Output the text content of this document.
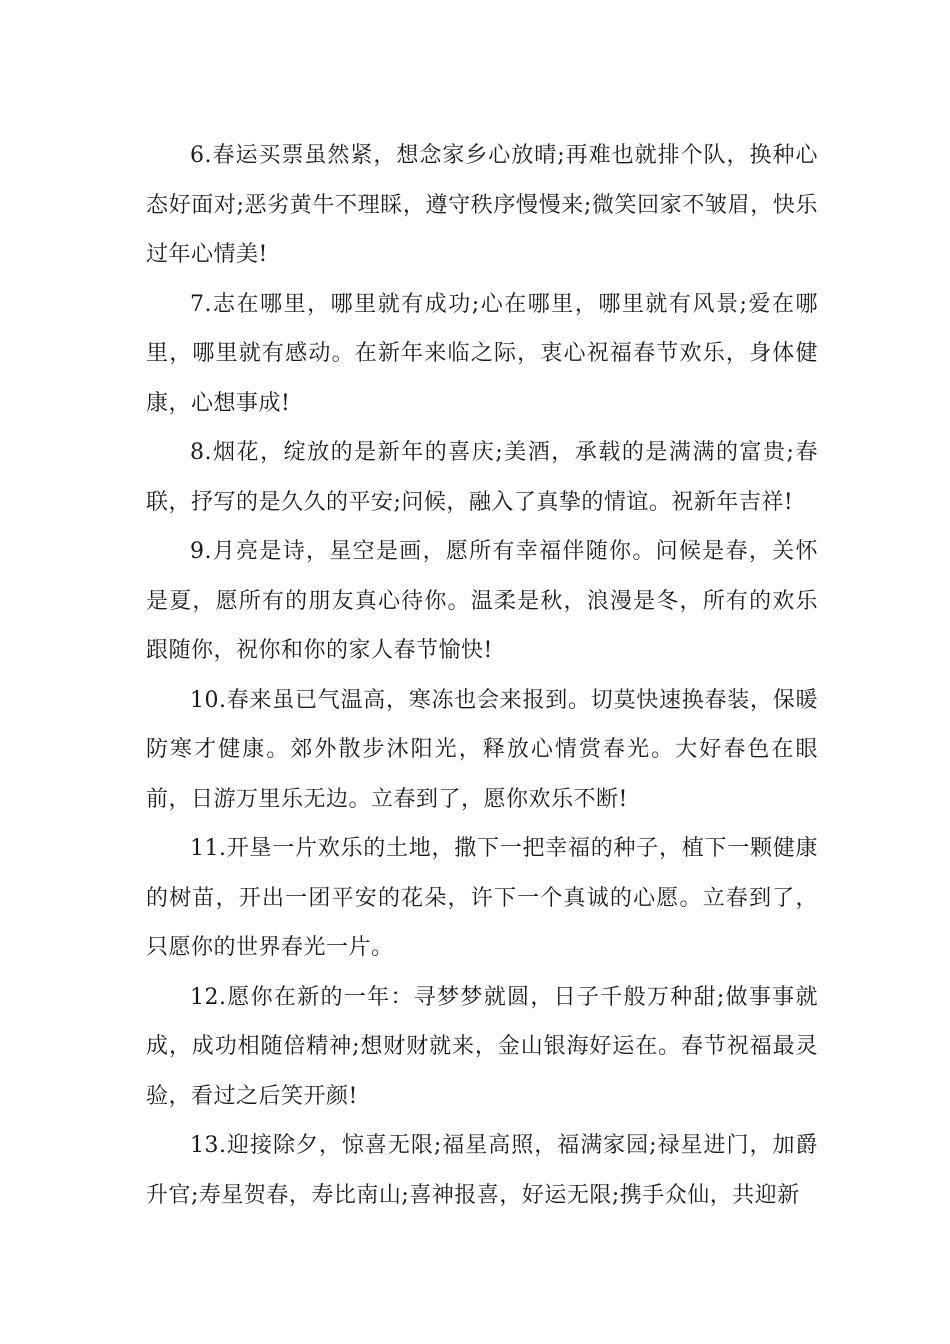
6.春运买票虽然紧，想念家乡心放晴;再难也就排个队，换种心态好面对;恶劣黄牛不理睬，遵守秩序慢慢来;微笑回家不皱眉，快乐过年心情美!

7.志在哪里，哪里就有成功;心在哪里，哪里就有风景;爱在哪里，哪里就有感动。在新年来临之际，衷心祝福春节欢乐，身体健康，心想事成!

8.烟花，绽放的是新年的喜庆;美酒，承载的是满满的富贵;春联，抒写的是久久的平安;问候，融入了真挚的情谊。祝新年吉祥!

9.月亮是诗，星空是画，愿所有幸福伴随你。问候是春，关怀是夏，愿所有的朋友真心待你。温柔是秋，浪漫是冬，所有的欢乐跟随你，祝你和你的家人春节愉快!

10.春来虽已气温高，寒冻也会来报到。切莫快速换春装，保暖防寒才健康。郊外散步沐阳光，释放心情赏春光。大好春色在眼前，日游万里乐无边。立春到了，愿你欢乐不断!

11.开垦一片欢乐的土地，撒下一把幸福的种子，植下一颗健康的树苗，开出一团平安的花朵，许下一个真诚的心愿。立春到了，只愿你的世界春光一片。

12.愿你在新的一年：寻梦梦就圆，日子千般万种甜;做事事就成，成功相随倍精神;想财财就来，金山银海好运在。春节祝福最灵验，看过之后笑开颜!

13.迎接除夕，惊喜无限;福星高照，福满家园;禄星进门，加爵升官;寿星贺春，寿比南山;喜神报喜，好运无限;携手众仙，共迎新
